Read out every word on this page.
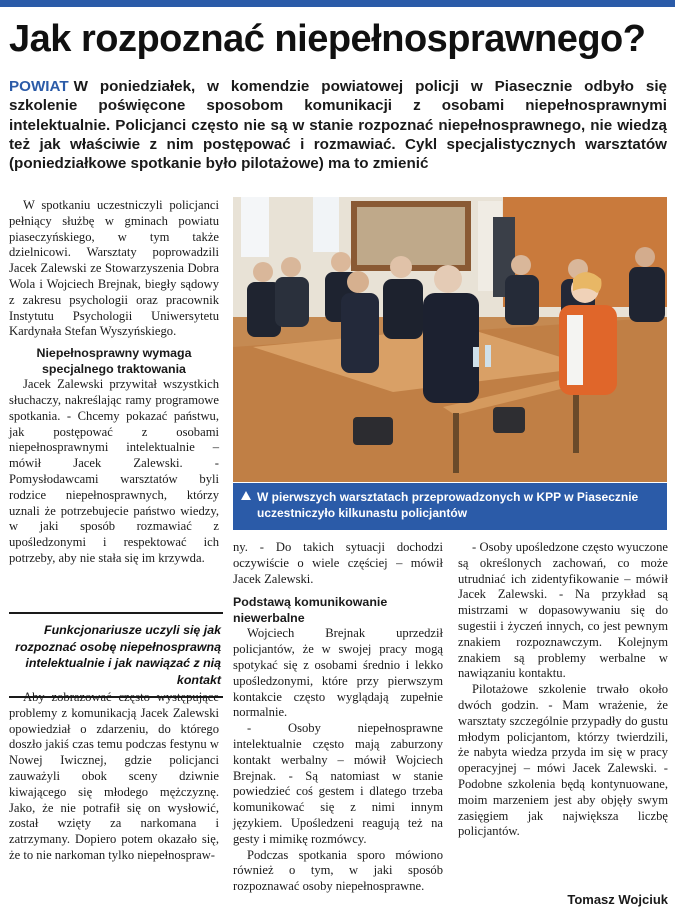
Jak rozpoznać niepełnosprawnego?

POWIAT W poniedziałek, w komendzie powiatowej policji w Piasecznie odbyło się szkolenie poświęcone sposobom komunikacji z osobami niepełnosprawnymi intelektualnie. Policjanci często nie są w stanie rozpoznać niepełnosprawnego, nie wiedzą też jak właściwie z nim postępować i rozmawiać. Cykl specjalistycznych warsztatów (poniedziałkowe spotkanie było pilotażowe) ma to zmienić

W spotkaniu uczestniczyli policjanci pełniący służbę w gminach powiatu piaseczyńskiego, w tym także dzielnicowi. Warsztaty poprowadzili Jacek Zalewski ze Stowarzyszenia Dobra Wola i Wojciech Brejnak, biegły sądowy z zakresu psychologii oraz pracownik Instytutu Psychologii Uniwersytetu Kardynała Stefan Wyszyńskiego.

Niepełnosprawny wymaga specjalnego traktowania

Jacek Zalewski przywitał wszystkich słuchaczy, nakreślając ramy programowe spotkania. - Chcemy pokazać państwu, jak postępować z osobami niepełnosprawnymi intelektualnie – mówił Jacek Zalewski. - Pomysłodawcami warsztatów byli rodzice niepełnosprawnych, którzy uznali że potrzebujecie państwo wiedzy, w jaki sposób rozmawiać z upośledzonymi i respektować ich potrzeby, aby nie stała się im krzywda.

Funkcjonariusze uczyli się jak rozpoznać osobę niepełnosprawną intelektualnie i jak nawiązać z nią kontakt

Aby zobrazować często występujące problemy z komunikacją Jacek Zalewski opowiedział o zdarzeniu, do którego doszło jakiś czas temu podczas festynu w Nowej Iwicznej, gdzie policjanci zauważyli obok sceny dziwnie kiwającego się młodego mężczyznę. Jako, że nie potrafił się on wysłowić, został wzięty za narkomana i zatrzymany. Dopiero potem okazało się, że to nie narkoman tylko niepełnospraw-

W pierwszych warsztatach przeprowadzonych w KPP w Piasecznie uczestniczyło kilkunastu policjantów

ny. - Do takich sytuacji dochodzi oczywiście o wiele częściej – mówił Jacek Zalewski.

Podstawą komunikowanie niewerbalne

Wojciech Brejnak uprzedził policjantów, że w swojej pracy mogą spotykać się z osobami średnio i lekko upośledzonymi, które przy pierwszym kontakcie często wyglądają zupełnie normalnie.

- Osoby niepełnosprawne intelektualnie często mają zaburzony kontakt werbalny – mówił Wojciech Brejnak. - Są natomiast w stanie powiedzieć coś gestem i dlatego trzeba komunikować się z nimi innym językiem. Upośledzeni reagują też na gesty i mimikę rozmówcy.

Podczas spotkania sporo mówiono również o tym, w jaki sposób rozpoznawać osoby niepełnosprawne.

- Osoby upośledzone często wyuczone są określonych zachowań, co może utrudniać ich zidentyfikowanie – mówił Jacek Zalewski. - Na przykład są mistrzami w dopasowywaniu się do sugestii i życzeń innych, co jest pewnym znakiem rozpoznawczym. Kolejnym znakiem są problemy werbalne w nawiązaniu kontaktu.

Pilotażowe szkolenie trwało około dwóch godzin. - Mam wrażenie, że warsztaty szczególnie przypadły do gustu młodym policjantom, którzy twierdzili, że nabyta wiedza przyda im się w pracy operacyjnej – mówi Jacek Zalewski. - Podobne szkolenia będą kontynuowane, moim marzeniem jest aby objęły swym zasięgiem jak największa liczbę policjantów.

Tomasz Wojciuk
